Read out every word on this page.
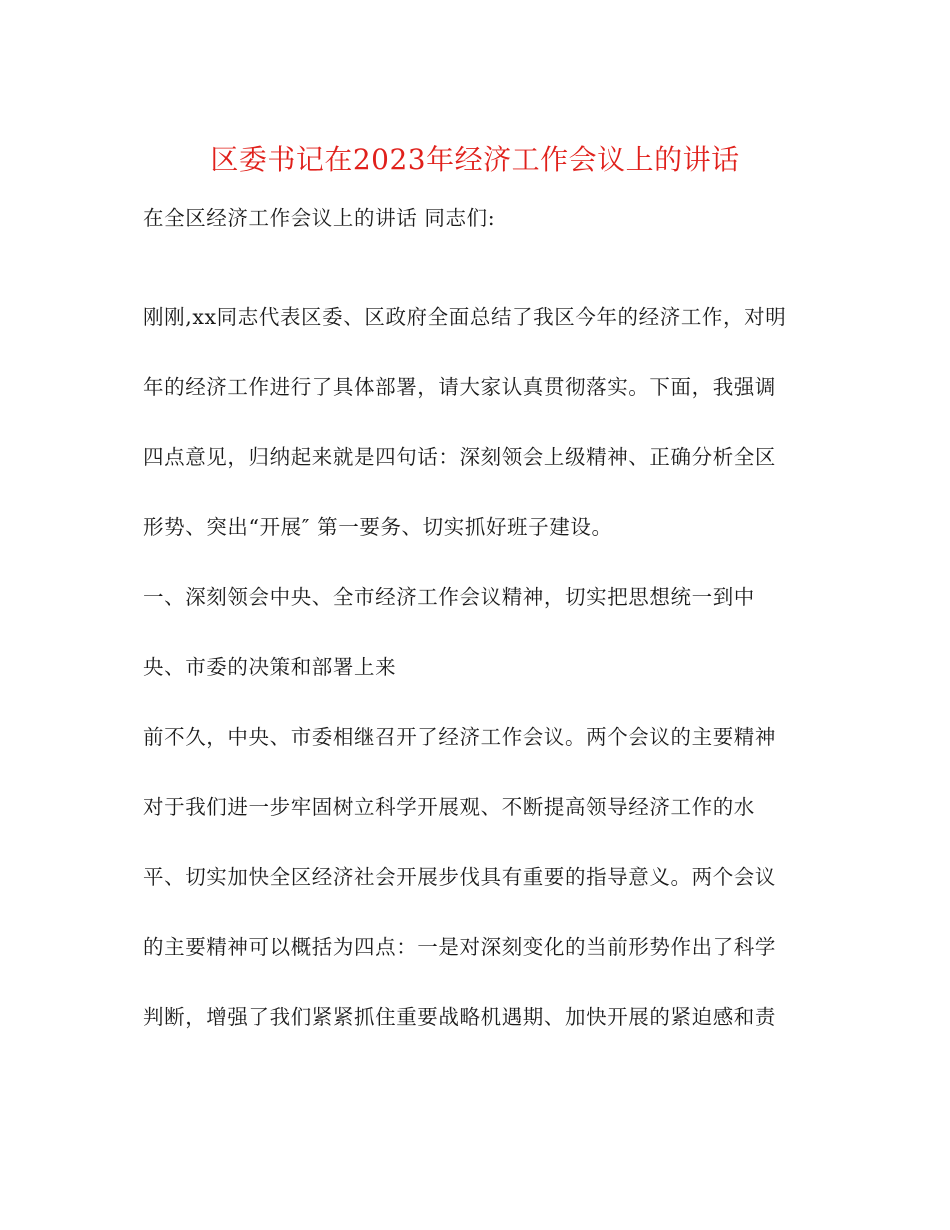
区委书记在2023年经济工作会议上的讲话
在全区经济工作会议上的讲话 同志们:
刚刚,xx同志代表区委、区政府全面总结了我区今年的经济工作，对明
年的经济工作进行了具体部署，请大家认真贯彻落实。下面，我强调
四点意见，归纳起来就是四句话：深刻领会上级精神、正确分析全区
形势、突出“开展″ 第一要务、切实抓好班子建设。
一、深刻领会中央、全市经济工作会议精神，切实把思想统一到中
央、市委的决策和部署上来
前不久，中央、市委相继召开了经济工作会议。两个会议的主要精神
对于我们进一步牢固树立科学开展观、不断提高领导经济工作的水
平、切实加快全区经济社会开展步伐具有重要的指导意义。两个会议
的主要精神可以概括为四点：一是对深刻变化的当前形势作出了科学
判断，增强了我们紧紧抓住重要战略机遇期、加快开展的紧迫感和责
